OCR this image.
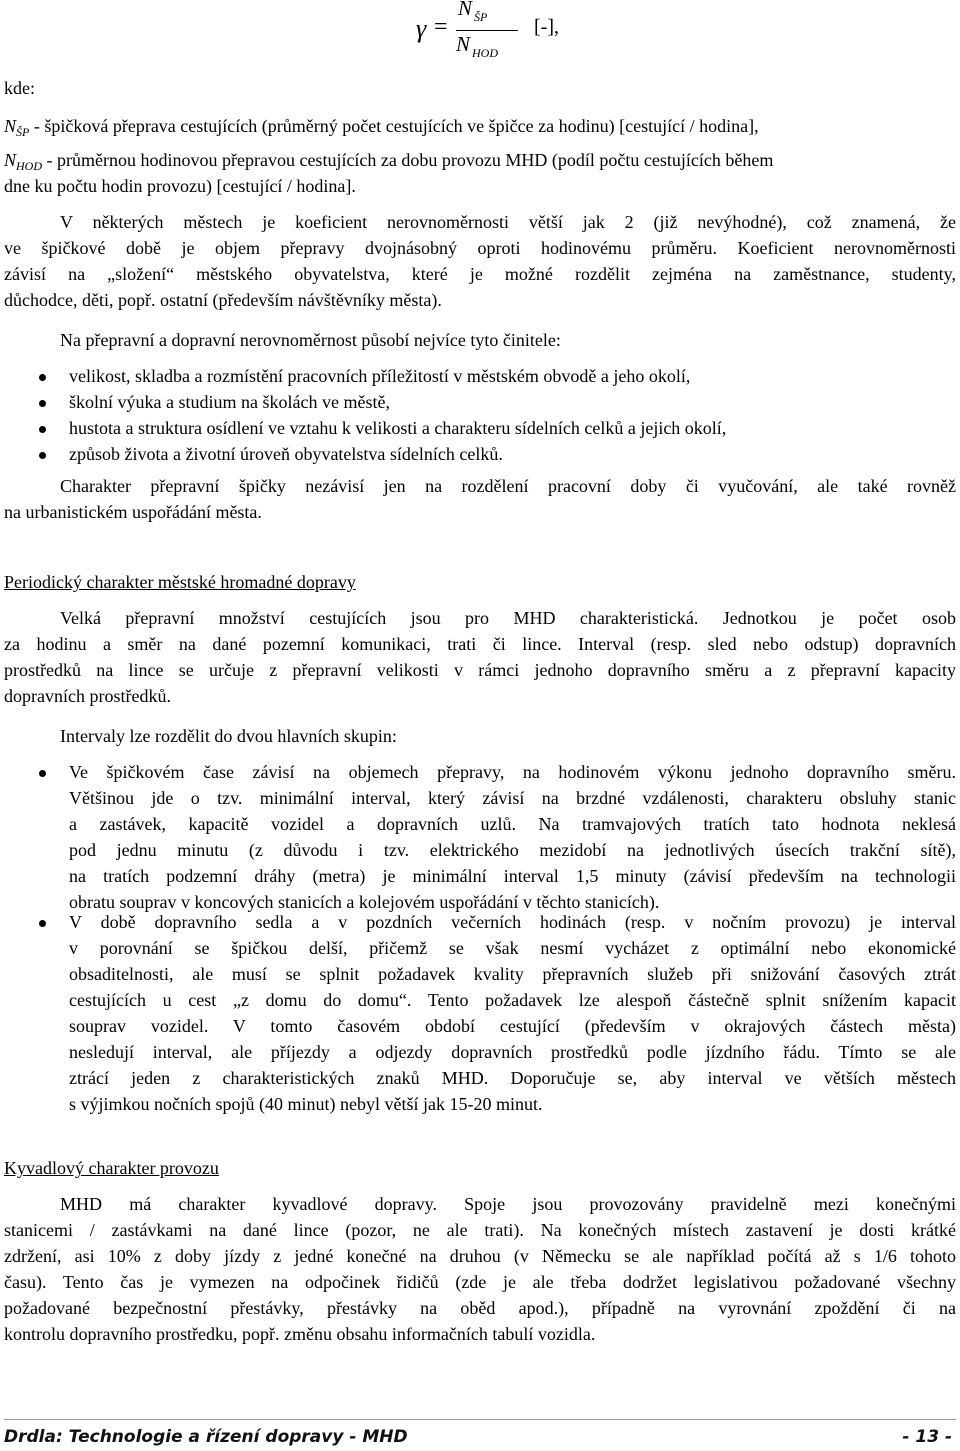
γ =
N $_{ŠP}$
N $_{HOD}$
[-],
kde:
$N_{ŠP}$ - špičková přeprava cestujících (průměrný počet cestujících ve špičce za hodinu) [cestující / hodina],
$N_{HOD}$ - průměrnou hodinovou přepravou cestujících za dobu provozu MHD (podíl počtu cestujících během
dne ku počtu hodin provozu) [cestující / hodina].
V některých městech je koeficient nerovnoměrnosti větší jak 2 (již nevýhodné), což znamená, že
ve špičkové době je objem přepravy dvojnásobný oproti hodinovému průměru. Koeficient nerovnoměrnosti
závisí na „složení“ městského obyvatelstva, které je možné rozdělit zejména na zaměstnance, studenty,
důchodce, děti, popř. ostatní (především návštěvníky města).
Na přepravní a dopravní nerovnoměrnost působí nejvíce tyto činitele:
velikost, skladba a rozmístění pracovních příležitostí v městském obvodě a jeho okolí,
školní výuka a studium na školách ve městě,
hustota a struktura osídlení ve vztahu k velikosti a charakteru sídelních celků a jejich okolí,
způsob života a životní úroveň obyvatelstva sídelních celků.
Charakter přepravní špičky nezávisí jen na rozdělení pracovní doby či vyučování, ale také rovněž
na urbanistickém uspořádání města.
Periodický charakter městské hromadné dopravy
Velká přepravní množství cestujících jsou pro MHD charakteristická. Jednotkou je počet osob
za hodinu a směr na dané pozemní komunikaci, trati či lince. Interval (resp. sled nebo odstup) dopravních
prostředků na lince se určuje z přepravní velikosti v rámci jednoho dopravního směru a z přepravní kapacity
dopravních prostředků.
Intervaly lze rozdělit do dvou hlavních skupin:
Ve špičkovém čase závisí na objemech přepravy, na hodinovém výkonu jednoho dopravního směru.
Většinou jde o tzv. minimální interval, který závisí na brzdné vzdálenosti, charakteru obsluhy stanic
a zastávek, kapacitě vozidel a dopravních uzlů. Na tramvajových tratích tato hodnota neklesá
pod jednu minutu (z důvodu i tzv. elektrického mezidobí na jednotlivých úsecích trakční sítě),
na tratích podzemní dráhy (metra) je minimální interval 1,5 minuty (závisí především na technologii
obratu souprav v koncových stanicích a kolejovém uspořádání v těchto stanicích).
V době dopravního sedla a v pozdních večerních hodinách (resp. v nočním provozu) je interval
v porovnání se špičkou delší, přičemž se však nesmí vycházet z optimální nebo ekonomické
obsaditelnosti, ale musí se splnit požadavek kvality přepravních služeb při snižování časových ztrát
cestujících u cest „z domu do domu“. Tento požadavek lze alespoň částečně splnit snížením kapacit
souprav vozidel. V tomto časovém období cestující (především v okrajových částech města)
nesledují interval, ale příjezdy a odjezdy dopravních prostředků podle jízdního řádu. Tímto se ale
ztrácí jeden z charakteristických znaků MHD. Doporučuje se, aby interval ve větších městech
s výjimkou nočních spojů (40 minut) nebyl větší jak 15-20 minut.
Kyvadlový charakter provozu
MHD má charakter kyvadlové dopravy. Spoje jsou provozovány pravidelně mezi konečnými
stanicemi / zastávkami na dané lince (pozor, ne ale trati). Na konečných místech zastavení je dosti krátké
zdržení, asi 10% z doby jízdy z jedné konečné na druhou (v Německu se ale například počítá až s 1/6 tohoto
času). Tento čas je vymezen na odpočinek řidičů (zde je ale třeba dodržet legislativou požadované všechny
požadované bezpečnostní přestávky, přestávky na oběd apod.), případně na vyrovnání zpoždění či na
kontrolu dopravního prostředku, popř. změnu obsahu informačních tabulí vozidla.
Drdla: Technologie a řízení dopravy - MHD	- 13 -
